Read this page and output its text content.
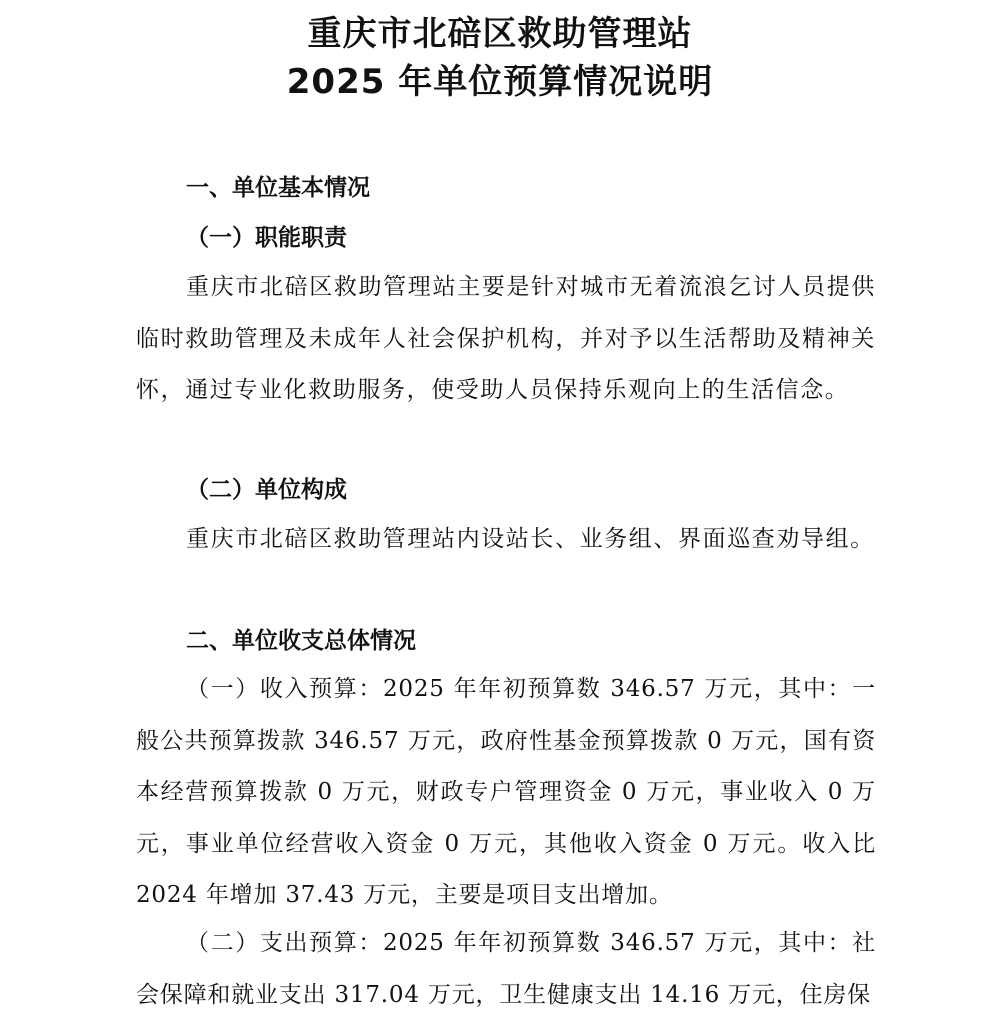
重庆市北碚区救助管理站
2025 年单位预算情况说明
一、单位基本情况
（一）职能职责

重庆市北碚区救助管理站主要是针对城市无着流浪乞讨人员提供临时救助管理及未成年人社会保护机构，并对予以生活帮助及精神关怀，通过专业化救助服务，使受助人员保持乐观向上的生活信念。

（二）单位构成

重庆市北碚区救助管理站内设站长、业务组、界面巡查劝导组。

二、单位收支总体情况

（一）收入预算：2025 年年初预算数 346.57 万元，其中：一般公共预算拨款 346.57 万元，政府性基金预算拨款 0 万元，国有资本经营预算拨款 0 万元，财政专户管理资金 0 万元，事业收入 0 万元，事业单位经营收入资金 0 万元，其他收入资金 0 万元。收入比 2024 年增加 37.43 万元，主要是项目支出增加。

（二）支出预算：2025 年年初预算数 346.57 万元，其中：社会保障和就业支出 317.04 万元，卫生健康支出 14.16 万元，住房保
